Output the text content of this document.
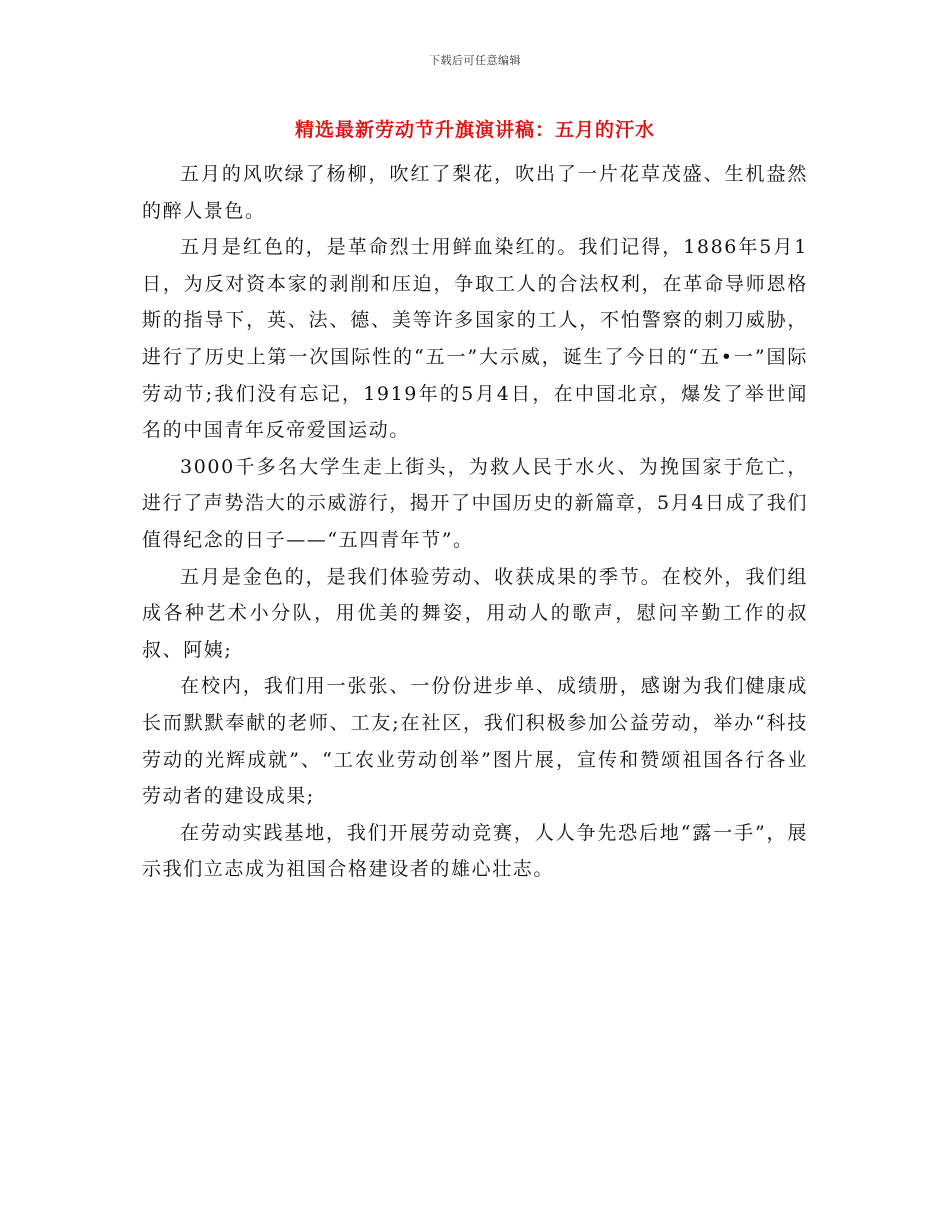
下载后可任意编辑
精选最新劳动节升旗演讲稿：五月的汗水

五月的风吹绿了杨柳，吹红了梨花，吹出了一片花草茂盛、生机盎然的醉人景色。

五月是红色的，是革命烈士用鲜血染红的。我们记得，1886年5月1日，为反对资本家的剥削和压迫，争取工人的合法权利，在革命导师恩格斯的指导下，英、法、德、美等许多国家的工人，不怕警察的刺刀威胁，进行了历史上第一次国际性的“五一”大示威，诞生了今日的“五•一”国际劳动节;我们没有忘记，1919年的5月4日，在中国北京，爆发了举世闻名的中国青年反帝爱国运动。

3000千多名大学生走上街头，为救人民于水火、为挽国家于危亡，进行了声势浩大的示威游行，揭开了中国历史的新篇章，5月4日成了我们值得纪念的日子——“五四青年节”。

五月是金色的，是我们体验劳动、收获成果的季节。在校外，我们组成各种艺术小分队，用优美的舞姿，用动人的歌声，慰问辛勤工作的叔叔、阿姨;

在校内，我们用一张张、一份份进步单、成绩册，感谢为我们健康成长而默默奉献的老师、工友;在社区，我们积极参加公益劳动，举办“科技劳动的光辉成就”、“工农业劳动创举”图片展，宣传和赞颂祖国各行各业劳动者的建设成果;

在劳动实践基地，我们开展劳动竞赛，人人争先恐后地“露一手”，展示我们立志成为祖国合格建设者的雄心壮志。
